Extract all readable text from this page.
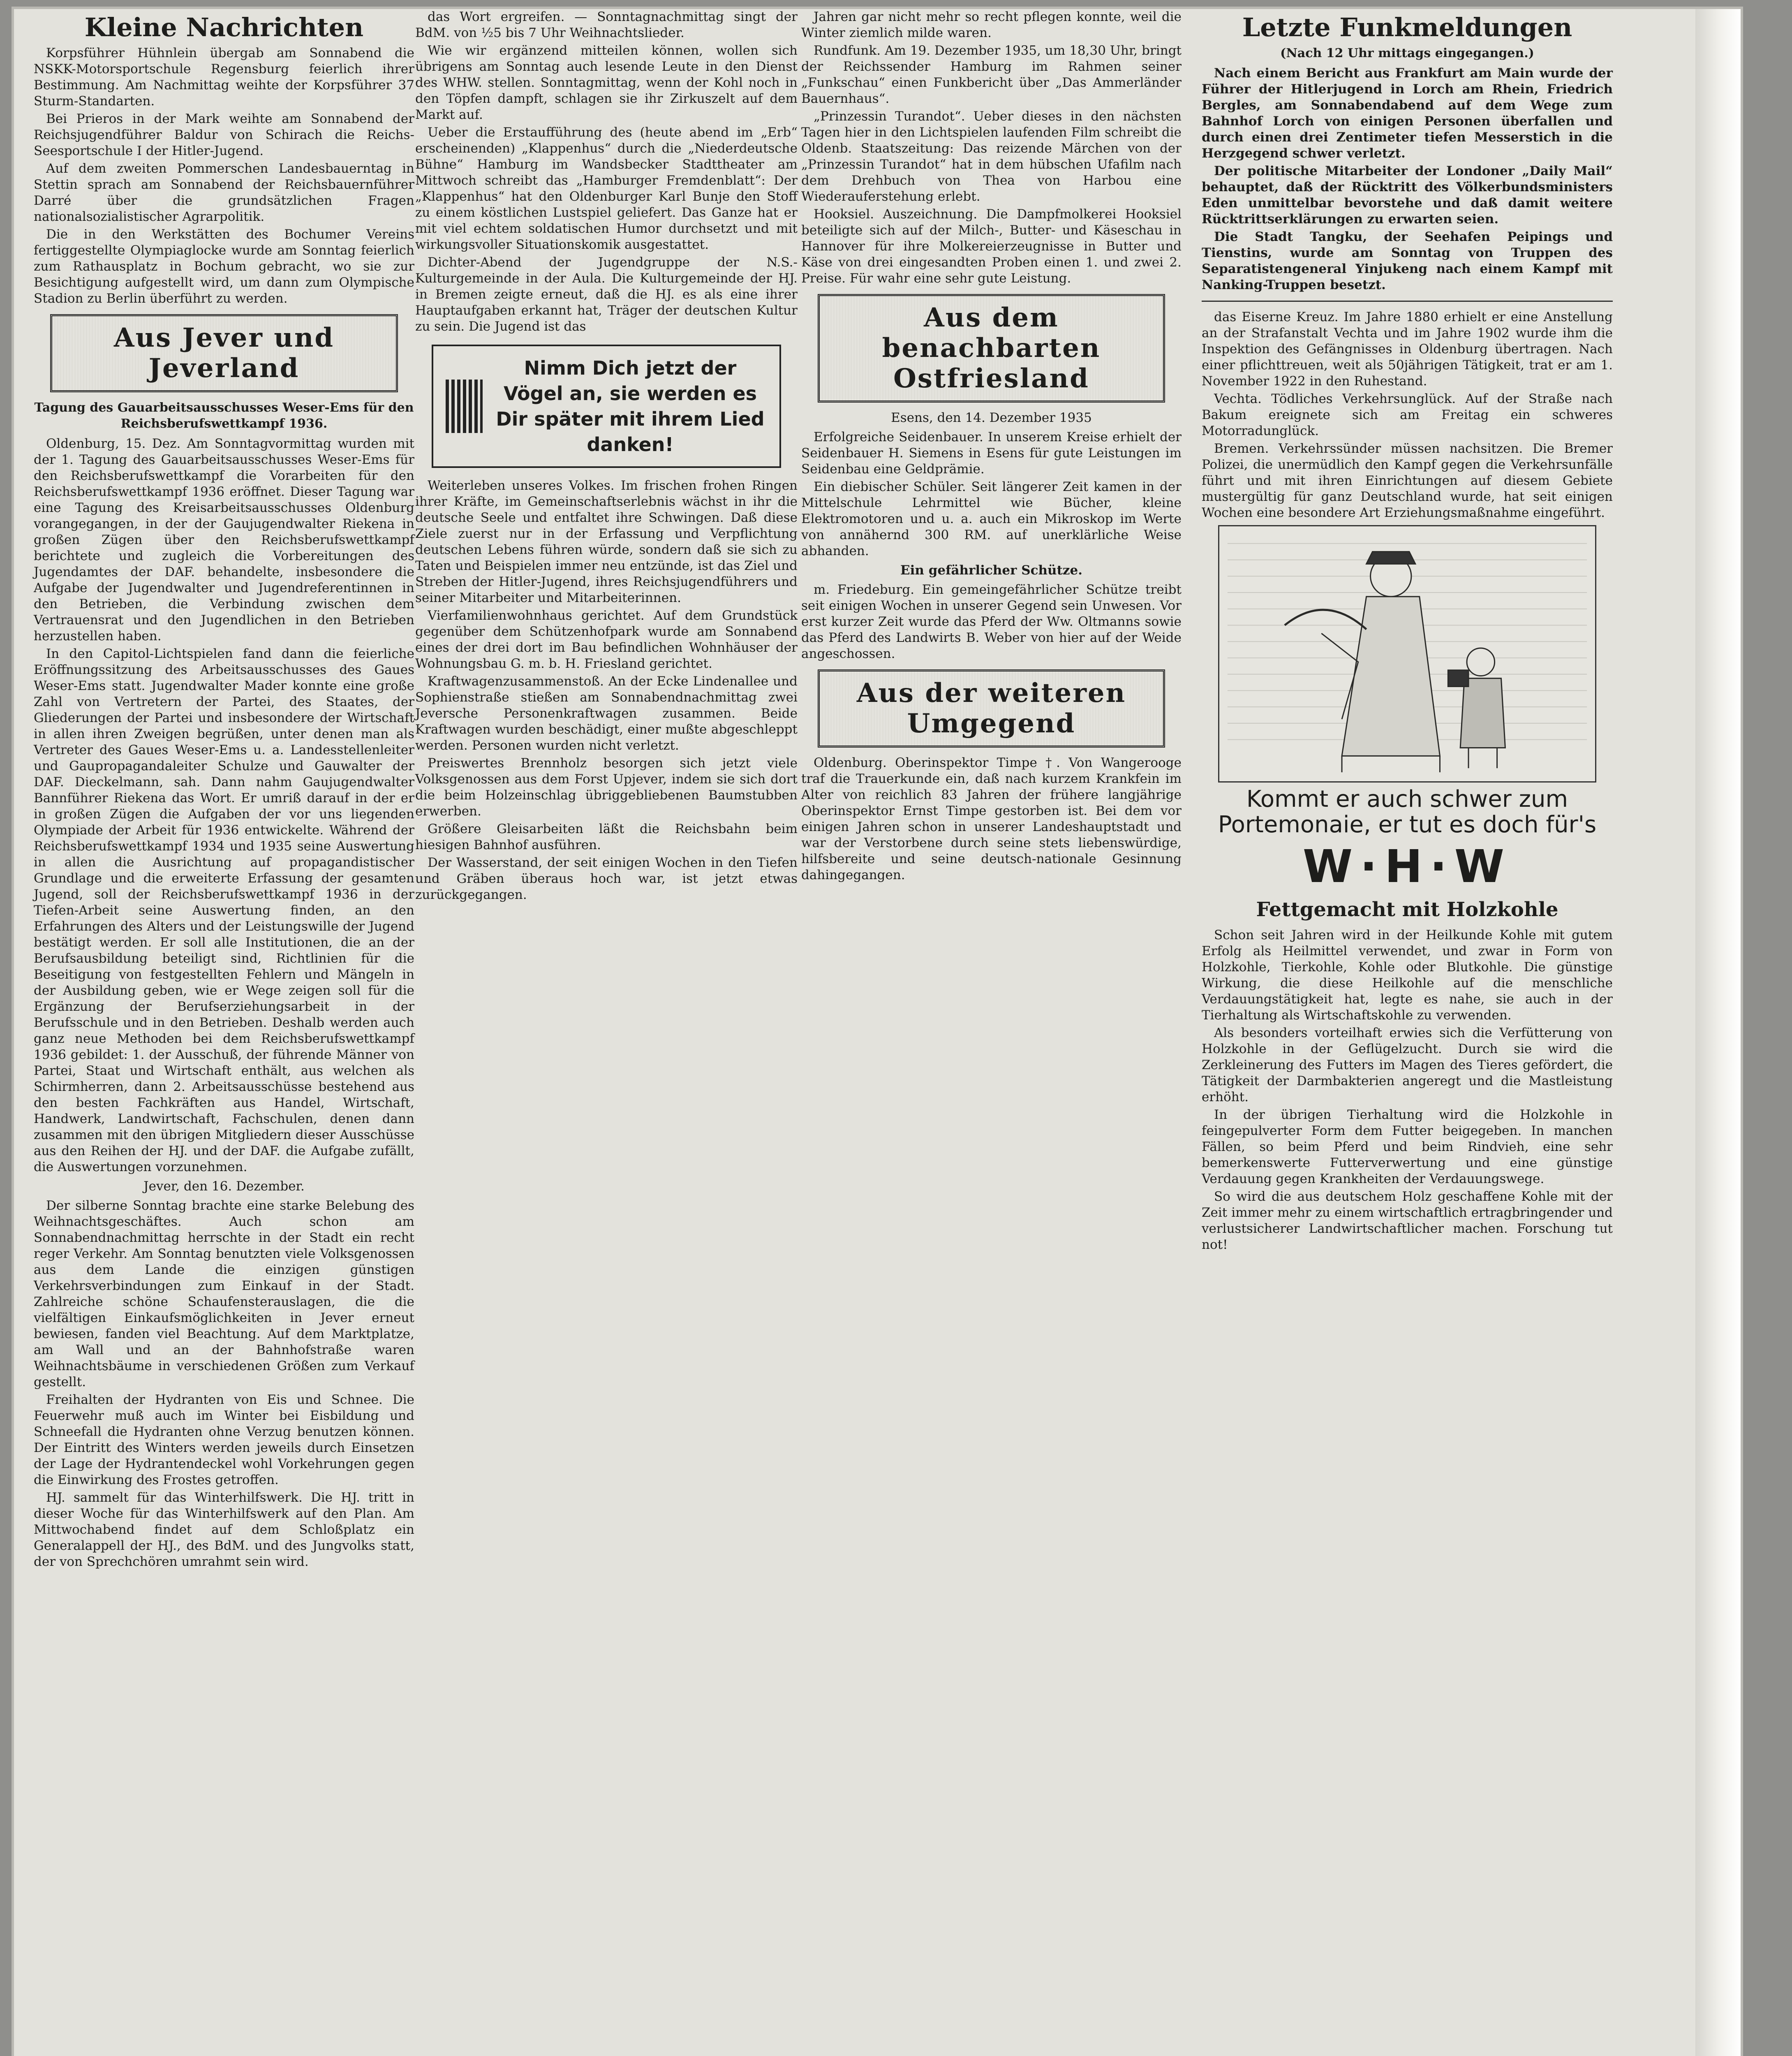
Kleine Nachrichten

Korpsführer Hühnlein übergab am Sonnabend die NSKK-Motorsportschule Regensburg feierlich ihrer Bestimmung. Am Nachmittag weihte der Korpsführer 37 Sturm-Standarten.

Bei Prieros in der Mark weihte am Sonnabend der Reichsjugendführer Baldur von Schirach die Reichs-Seesportschule I der Hitler-Jugend.

Auf dem zweiten Pommerschen Landesbauerntag in Stettin sprach am Sonnabend der Reichsbauernführer Darré über die grundsätzlichen Fragen nationalsozialistischer Agrarpolitik.

Die in den Werkstätten des Bochumer Vereins fertiggestellte Olympiaglocke wurde am Sonntag feierlich zum Rathausplatz in Bochum gebracht, wo sie zur Besichtigung aufgestellt wird, um dann zum Olympische Stadion zu Berlin überführt zu werden.

Aus Jever und Jeverland
Tagung des Gauarbeitsausschusses Weser-Ems für den Reichsberufswettkampf 1936.

Oldenburg, 15. Dez. Am Sonntagvormittag wurden mit der 1. Tagung des Gauarbeitsausschusses Weser-Ems für den Reichsberufswettkampf die Vorarbeiten für den Reichsberufswettkampf 1936 eröffnet. Dieser Tagung war eine Tagung des Kreisarbeitsausschusses Oldenburg vorangegangen, in der der Gaujugendwalter Riekena in großen Zügen über den Reichsberufswettkampf berichtete und zugleich die Vorbereitungen des Jugendamtes der DAF. behandelte, insbesondere die Aufgabe der Jugendwalter und Jugendreferentinnen in den Betrieben, die Verbindung zwischen dem Vertrauensrat und den Jugendlichen in den Betrieben herzustellen haben.

In den Capitol-Lichtspielen fand dann die feierliche Eröffnungssitzung des Arbeitsausschusses des Gaues Weser-Ems statt. Jugendwalter Mader konnte eine große Zahl von Vertretern der Partei, des Staates, der Gliederungen der Partei und insbesondere der Wirtschaft in allen ihren Zweigen begrüßen, unter denen man als Vertreter des Gaues Weser-Ems u. a. Landesstellenleiter und Gaupropagandaleiter Schulze und Gauwalter der DAF. Dieckelmann, sah. Dann nahm Gaujugendwalter Bannführer Riekena das Wort. Er umriß darauf in der er in großen Zügen die Aufgaben der vor uns liegenden Olympiade der Arbeit für 1936 entwickelte. Während der Reichsberufswettkampf 1934 und 1935 seine Auswertung in allen die Ausrichtung auf propagandistischer Grundlage und die erweiterte Erfassung der gesamten Jugend, soll der Reichsberufswettkampf 1936 in der Tiefen-Arbeit seine Auswertung finden, an den Erfahrungen des Alters und der Leistungswille der Jugend bestätigt werden. Er soll alle Institutionen, die an der Berufsausbildung beteiligt sind, Richtlinien für die Beseitigung von festgestellten Fehlern und Mängeln in der Ausbildung geben, wie er Wege zeigen soll für die Ergänzung der Berufserziehungsarbeit in der Berufsschule und in den Betrieben. Deshalb werden auch ganz neue Methoden bei dem Reichsberufswettkampf 1936 gebildet: 1. der Ausschuß, der führende Männer von Partei, Staat und Wirtschaft enthält, aus welchen als Schirmherren, dann 2. Arbeitsausschüsse bestehend aus den besten Fachkräften aus Handel, Wirtschaft, Handwerk, Landwirtschaft, Fachschulen, denen dann zusammen mit den übrigen Mitgliedern dieser Ausschüsse aus den Reihen der HJ. und der DAF. die Aufgabe zufällt, die Auswertungen vorzunehmen.

Jever, den 16. Dezember.

Der silberne Sonntag brachte eine starke Belebung des Weihnachtsgeschäftes. Auch schon am Sonnabendnachmittag herrschte in der Stadt ein recht reger Verkehr. Am Sonntag benutzten viele Volksgenossen aus dem Lande die einzigen günstigen Verkehrsverbindungen zum Einkauf in der Stadt. Zahlreiche schöne Schaufensterauslagen, die die vielfältigen Einkaufsmöglichkeiten in Jever erneut bewiesen, fanden viel Beachtung. Auf dem Marktplatze, am Wall und an der Bahnhofstraße waren Weihnachtsbäume in verschiedenen Größen zum Verkauf gestellt.

Freihalten der Hydranten von Eis und Schnee. Die Feuerwehr muß auch im Winter bei Eisbildung und Schneefall die Hydranten ohne Verzug benutzen können. Der Eintritt des Winters werden jeweils durch Einsetzen der Lage der Hydrantendeckel wohl Vorkehrungen gegen die Einwirkung des Frostes getroffen.

HJ. sammelt für das Winterhilfswerk. Die HJ. tritt in dieser Woche für das Winterhilfswerk auf den Plan. Am Mittwochabend findet auf dem Schloßplatz ein Generalappell der HJ., des BdM. und des Jungvolks statt, der von Sprechchören umrahmt sein wird.

das Wort ergreifen. — Sonntagnachmittag singt der BdM. von ½5 bis 7 Uhr Weihnachtslieder.

Wie wir ergänzend mitteilen können, wollen sich übrigens am Sonntag auch lesende Leute in den Dienst des WHW. stellen. Sonntagmittag, wenn der Kohl noch in den Töpfen dampft, schlagen sie ihr Zirkuszelt auf dem Markt auf.

Ueber die Erstaufführung des (heute abend im „Erb“ erscheinenden) „Klappenhus“ durch die „Niederdeutsche Bühne“ Hamburg im Wandsbecker Stadttheater am Mittwoch schreibt das „Hamburger Fremdenblatt“: Der „Klappenhus“ hat den Oldenburger Karl Bunje den Stoff zu einem köstlichen Lustspiel geliefert. Das Ganze hat er mit viel echtem soldatischen Humor durchsetzt und mit wirkungsvoller Situationskomik ausgestattet.

Dichter-Abend der Jugendgruppe der N.S.-Kulturgemeinde in der Aula. Die Kulturgemeinde der HJ. in Bremen zeigte erneut, daß die HJ. es als eine ihrer Hauptaufgaben erkannt hat, Träger der deutschen Kultur zu sein. Die Jugend ist das

Nimm Dich jetzt der Vögel an, sie werden es Dir später mit ihrem Lied danken!

Weiterleben unseres Volkes. Im frischen frohen Ringen ihrer Kräfte, im Gemeinschaftserlebnis wächst in ihr die deutsche Seele und entfaltet ihre Schwingen. Daß diese Ziele zuerst nur in der Erfassung und Verpflichtung deutschen Lebens führen würde, sondern daß sie sich zu Taten und Beispielen immer neu entzünde, ist das Ziel und Streben der Hitler-Jugend, ihres Reichsjugendführers und seiner Mitarbeiter und Mitarbeiterinnen.

Vierfamilienwohnhaus gerichtet. Auf dem Grundstück gegenüber dem Schützenhofpark wurde am Sonnabend eines der drei dort im Bau befindlichen Wohnhäuser der Wohnungsbau G. m. b. H. Friesland gerichtet.

Kraftwagenzusammenstoß. An der Ecke Lindenallee und Sophienstraße stießen am Sonnabendnachmittag zwei Jeversche Personenkraftwagen zusammen. Beide Kraftwagen wurden beschädigt, einer mußte abgeschleppt werden. Personen wurden nicht verletzt.

Preiswertes Brennholz besorgen sich jetzt viele Volksgenossen aus dem Forst Upjever, indem sie sich dort die beim Holzeinschlag übriggebliebenen Baumstubben erwerben.

Größere Gleisarbeiten läßt die Reichsbahn beim hiesigen Bahnhof ausführen.

Der Wasserstand, der seit einigen Wochen in den Tiefen und Gräben überaus hoch war, ist jetzt etwas zurückgegangen.

Jahren gar nicht mehr so recht pflegen konnte, weil die Winter ziemlich milde waren.

Rundfunk. Am 19. Dezember 1935, um 18,30 Uhr, bringt der Reichssender Hamburg im Rahmen seiner „Funkschau“ einen Funkbericht über „Das Ammerländer Bauernhaus“.

„Prinzessin Turandot“. Ueber dieses in den nächsten Tagen hier in den Lichtspielen laufenden Film schreibt die Oldenb. Staatszeitung: Das reizende Märchen von der „Prinzessin Turandot“ hat in dem hübschen Ufafilm nach dem Drehbuch von Thea von Harbou eine Wiederauferstehung erlebt.

Hooksiel. Auszeichnung. Die Dampfmolkerei Hooksiel beteiligte sich auf der Milch-, Butter- und Käseschau in Hannover für ihre Molkereierzeugnisse in Butter und Käse von drei eingesandten Proben einen 1. und zwei 2. Preise. Für wahr eine sehr gute Leistung.

Aus dem benachbarten Ostfriesland
Esens, den 14. Dezember 1935

Erfolgreiche Seidenbauer. In unserem Kreise erhielt der Seidenbauer H. Siemens in Esens für gute Leistungen im Seidenbau eine Geldprämie.

Ein diebischer Schüler. Seit längerer Zeit kamen in der Mittelschule Lehrmittel wie Bücher, kleine Elektromotoren und u. a. auch ein Mikroskop im Werte von annähernd 300 RM. auf unerklärliche Weise abhanden.

Ein gefährlicher Schütze.

m. Friedeburg. Ein gemeingefährlicher Schütze treibt seit einigen Wochen in unserer Gegend sein Unwesen. Vor erst kurzer Zeit wurde das Pferd der Ww. Oltmanns sowie das Pferd des Landwirts B. Weber von hier auf der Weide angeschossen.

Aus der weiteren Umgegend

Oldenburg. Oberinspektor Timpe †. Von Wangerooge traf die Trauerkunde ein, daß nach kurzem Krankfein im Alter von reichlich 83 Jahren der frühere langjährige Oberinspektor Ernst Timpe gestorben ist. Bei dem vor einigen Jahren schon in unserer Landeshauptstadt und war der Verstorbene durch seine stets liebenswürdige, hilfsbereite und seine deutsch-nationale Gesinnung dahingegangen.

Letzte Funkmeldungen
(Nach 12 Uhr mittags eingegangen.)

Nach einem Bericht aus Frankfurt am Main wurde der Führer der Hitlerjugend in Lorch am Rhein, Friedrich Bergles, am Sonnabendabend auf dem Wege zum Bahnhof Lorch von einigen Personen überfallen und durch einen drei Zentimeter tiefen Messerstich in die Herzgegend schwer verletzt.

Der politische Mitarbeiter der Londoner „Daily Mail“ behauptet, daß der Rücktritt des Völkerbundsministers Eden unmittelbar bevorstehe und daß damit weitere Rücktrittserklärungen zu erwarten seien.

Die Stadt Tangku, der Seehafen Peipings und Tienstins, wurde am Sonntag von Truppen des Separatistengeneral Yinjukeng nach einem Kampf mit Nanking-Truppen besetzt.

das Eiserne Kreuz. Im Jahre 1880 erhielt er eine Anstellung an der Strafanstalt Vechta und im Jahre 1902 wurde ihm die Inspektion des Gefängnisses in Oldenburg übertragen. Nach einer pflichttreuen, weit als 50jährigen Tätigkeit, trat er am 1. November 1922 in den Ruhestand.

Vechta. Tödliches Verkehrsunglück. Auf der Straße nach Bakum ereignete sich am Freitag ein schweres Motorradunglück.

Bremen. Verkehrssünder müssen nachsitzen. Die Bremer Polizei, die unermüdlich den Kampf gegen die Verkehrsunfälle führt und mit ihren Einrichtungen auf diesem Gebiete mustergültig für ganz Deutschland wurde, hat seit einigen Wochen eine besondere Art Erziehungsmaßnahme eingeführt.

Kommt er auch schwer zum Portemonaie, er tut es doch für's
W·H·W
Fettgemacht mit Holzkohle

Schon seit Jahren wird in der Heilkunde Kohle mit gutem Erfolg als Heilmittel verwendet, und zwar in Form von Holzkohle, Tierkohle, Kohle oder Blutkohle. Die günstige Wirkung, die diese Heilkohle auf die menschliche Verdauungstätigkeit hat, legte es nahe, sie auch in der Tierhaltung als Wirtschaftskohle zu verwenden.

Als besonders vorteilhaft erwies sich die Verfütterung von Holzkohle in der Geflügelzucht. Durch sie wird die Zerkleinerung des Futters im Magen des Tieres gefördert, die Tätigkeit der Darmbakterien angeregt und die Mastleistung erhöht.

In der übrigen Tierhaltung wird die Holzkohle in feingepulverter Form dem Futter beigegeben. In manchen Fällen, so beim Pferd und beim Rindvieh, eine sehr bemerkenswerte Futterverwertung und eine günstige Verdauung gegen Krankheiten der Verdauungswege.

So wird die aus deutschem Holz geschaffene Kohle mit der Zeit immer mehr zu einem wirtschaftlich ertragbringender und verlustsicherer Landwirtschaftlicher machen. Forschung tut not!
